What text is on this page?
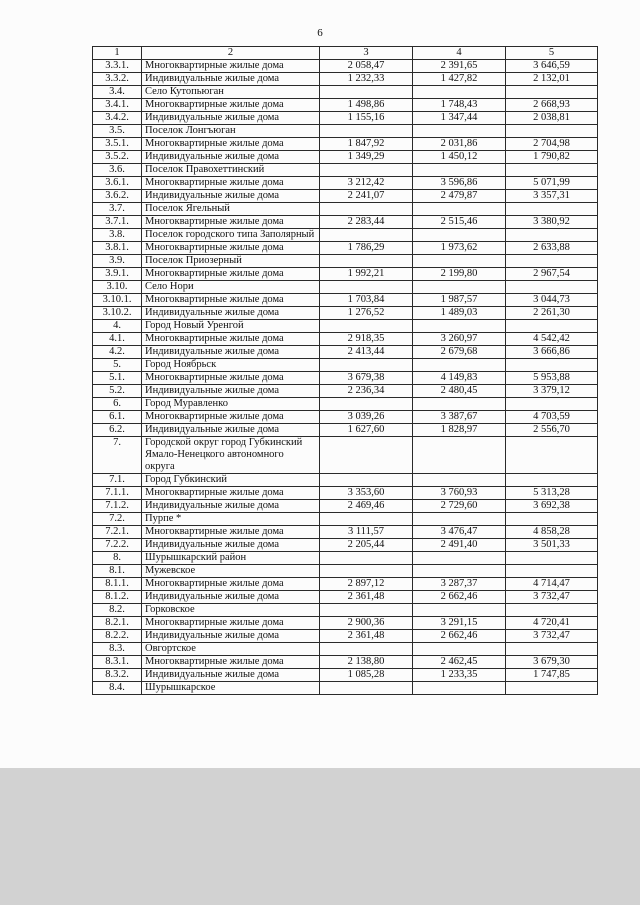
6
1	2	3	4	5
3.3.1.	Многоквартирные жилые дома	2 058,47	2 391,65	3 646,59
3.3.2.	Индивидуальные жилые дома	1 232,33	1 427,82	2 132,01
3.4.	Село Кутопьюган			
3.4.1.	Многоквартирные жилые дома	1 498,86	1 748,43	2 668,93
3.4.2.	Индивидуальные жилые дома	1 155,16	1 347,44	2 038,81
3.5.	Поселок Лонгъюган			
3.5.1.	Многоквартирные жилые дома	1 847,92	2 031,86	2 704,98
3.5.2.	Индивидуальные жилые дома	1 349,29	1 450,12	1 790,82
3.6.	Поселок Правохеттинский			
3.6.1.	Многоквартирные жилые дома	3 212,42	3 596,86	5 071,99
3.6.2.	Индивидуальные жилые дома	2 241,07	2 479,87	3 357,31
3.7.	Поселок Ягельный			
3.7.1.	Многоквартирные жилые дома	2 283,44	2 515,46	3 380,92
3.8.	Поселок городского типа Заполярный			
3.8.1.	Многоквартирные жилые дома	1 786,29	1 973,62	2 633,88
3.9.	Поселок Приозерный			
3.9.1.	Многоквартирные жилые дома	1 992,21	2 199,80	2 967,54
3.10.	Село Нори			
3.10.1.	Многоквартирные жилые дома	1 703,84	1 987,57	3 044,73
3.10.2.	Индивидуальные жилые дома	1 276,52	1 489,03	2 261,30
4.	Город Новый Уренгой			
4.1.	Многоквартирные жилые дома	2 918,35	3 260,97	4 542,42
4.2.	Индивидуальные жилые дома	2 413,44	2 679,68	3 666,86
5.	Город Ноябрьск			
5.1.	Многоквартирные жилые дома	3 679,38	4 149,83	5 953,88
5.2.	Индивидуальные жилые дома	2 236,34	2 480,45	3 379,12
6.	Город Муравленко			
6.1.	Многоквартирные жилые дома	3 039,26	3 387,67	4 703,59
6.2.	Индивидуальные жилые дома	1 627,60	1 828,97	2 556,70
7.	Городской округ город Губкинский Ямало-Ненецкого автономного округа			
7.1.	Город Губкинский			
7.1.1.	Многоквартирные жилые дома	3 353,60	3 760,93	5 313,28
7.1.2.	Индивидуальные жилые дома	2 469,46	2 729,60	3 692,38
7.2.	Пурпе *			
7.2.1.	Многоквартирные жилые дома	3 111,57	3 476,47	4 858,28
7.2.2.	Индивидуальные жилые дома	2 205,44	2 491,40	3 501,33
8.	Шурышкарский район			
8.1.	Мужевское			
8.1.1.	Многоквартирные жилые дома	2 897,12	3 287,37	4 714,47
8.1.2.	Индивидуальные жилые дома	2 361,48	2 662,46	3 732,47
8.2.	Горковское			
8.2.1.	Многоквартирные жилые дома	2 900,36	3 291,15	4 720,41
8.2.2.	Индивидуальные жилые дома	2 361,48	2 662,46	3 732,47
8.3.	Овгортское			
8.3.1.	Многоквартирные жилые дома	2 138,80	2 462,45	3 679,30
8.3.2.	Индивидуальные жилые дома	1 085,28	1 233,35	1 747,85
8.4.	Шурышкарское			
